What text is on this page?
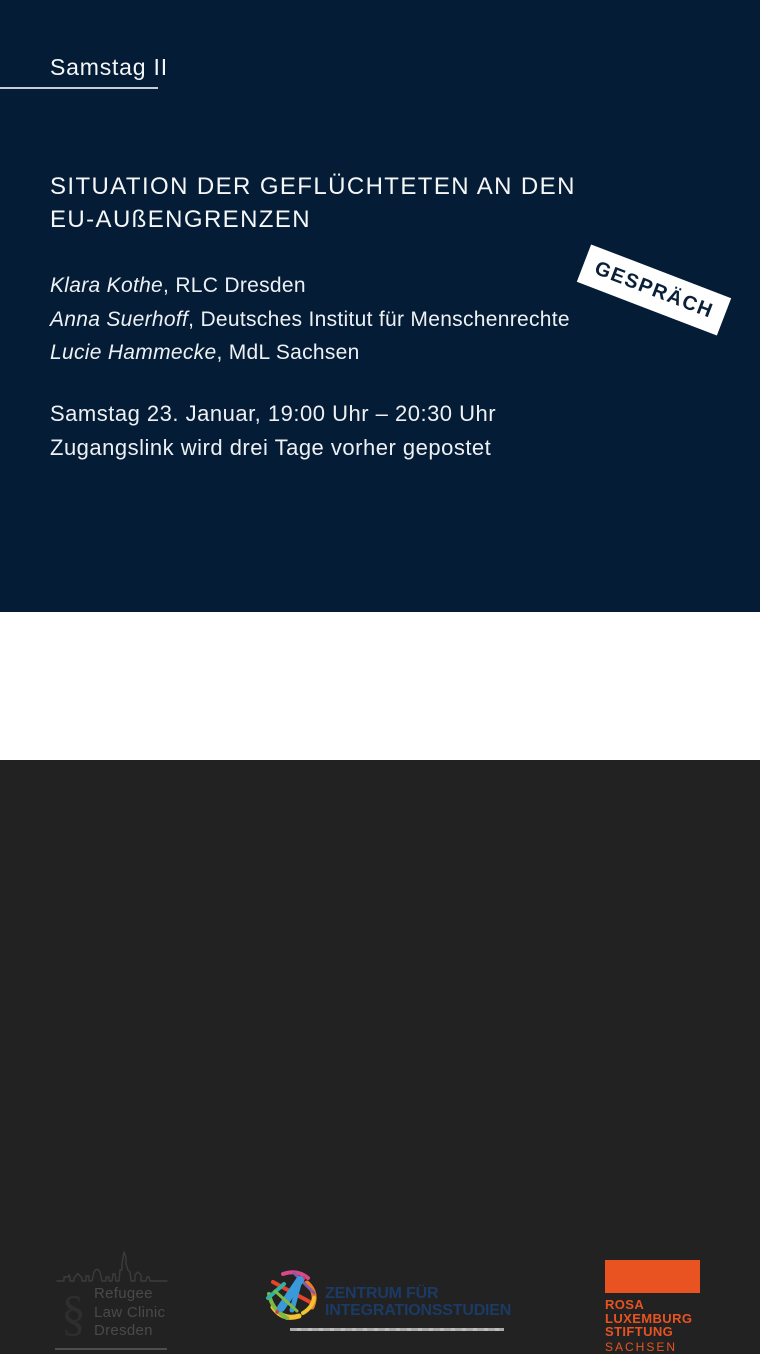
Samstag II
SITUATION DER GEFLÜCHTETEN AN DEN
EU-AUßENGRENZEN
Klara Kothe, RLC Dresden
Anna Suerhoff, Deutsches Institut für Menschenrechte
Lucie Hammecke, MdL Sachsen
Samstag 23. Januar, 19:00 Uhr – 20:30 Uhr
Zugangslink wird drei Tage vorher gepostet
GESPRÄCH
§ Refugee
Law Clinic
Dresden
ZENTRUM FÜR
INTEGRATIONSSTUDIEN	ROSA
LUXEMBURG
STIFTUNG
SACHSEN
